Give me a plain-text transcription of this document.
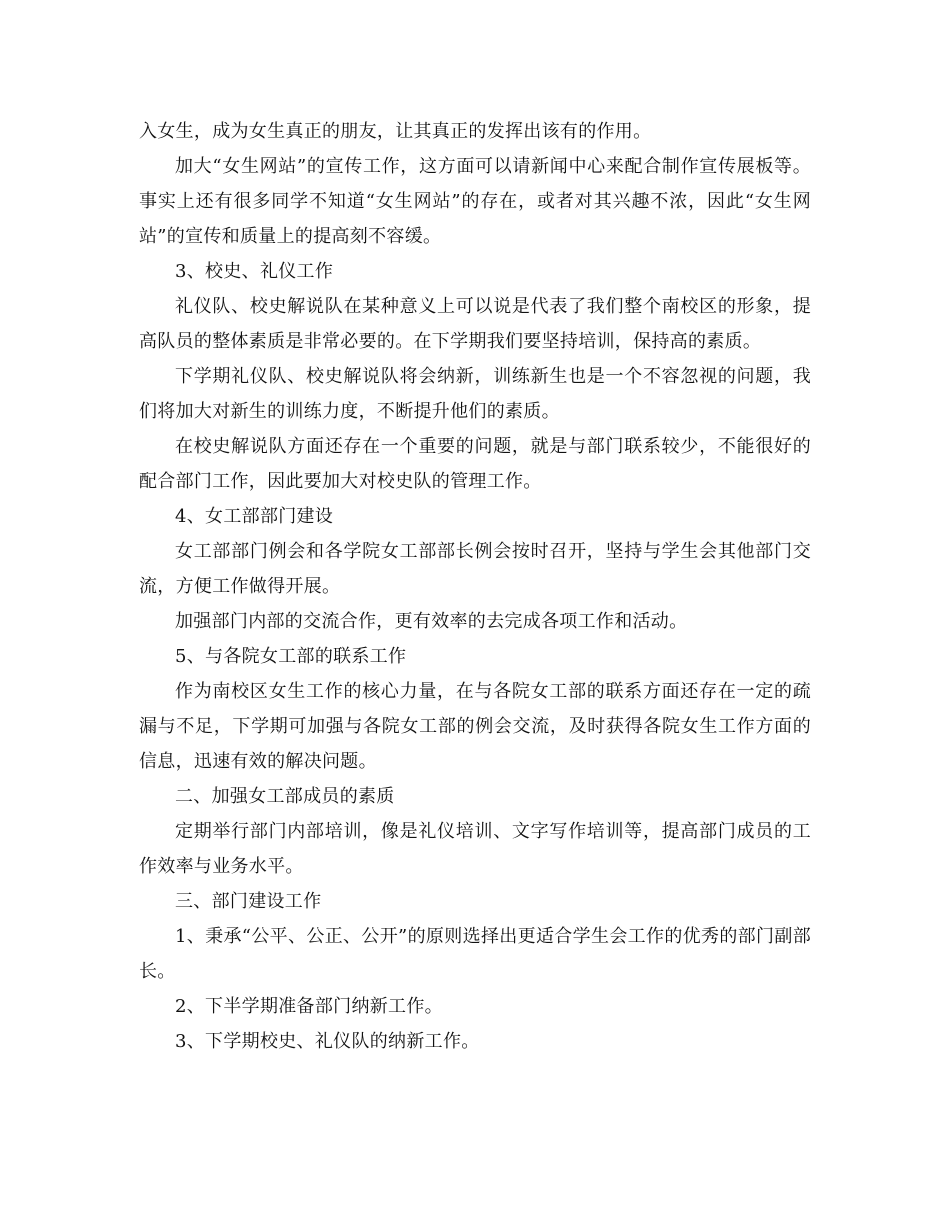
入女生，成为女生真正的朋友，让其真正的发挥出该有的作用。

加大“女生网站”的宣传工作，这方面可以请新闻中心来配合制作宣传展板等。事实上还有很多同学不知道“女生网站”的存在，或者对其兴趣不浓，因此“女生网站”的宣传和质量上的提高刻不容缓。

3、校史、礼仪工作

礼仪队、校史解说队在某种意义上可以说是代表了我们整个南校区的形象，提高队员的整体素质是非常必要的。在下学期我们要坚持培训，保持高的素质。

下学期礼仪队、校史解说队将会纳新，训练新生也是一个不容忽视的问题，我们将加大对新生的训练力度，不断提升他们的素质。

在校史解说队方面还存在一个重要的问题，就是与部门联系较少，不能很好的配合部门工作，因此要加大对校史队的管理工作。

4、女工部部门建设

女工部部门例会和各学院女工部部长例会按时召开，坚持与学生会其他部门交流，方便工作做得开展。

加强部门内部的交流合作，更有效率的去完成各项工作和活动。

5、与各院女工部的联系工作

作为南校区女生工作的核心力量，在与各院女工部的联系方面还存在一定的疏漏与不足，下学期可加强与各院女工部的例会交流，及时获得各院女生工作方面的信息，迅速有效的解决问题。

二、加强女工部成员的素质

定期举行部门内部培训，像是礼仪培训、文字写作培训等，提高部门成员的工作效率与业务水平。

三、部门建设工作

1、秉承“公平、公正、公开”的原则选择出更适合学生会工作的优秀的部门副部长。

2、下半学期准备部门纳新工作。

3、下学期校史、礼仪队的纳新工作。
